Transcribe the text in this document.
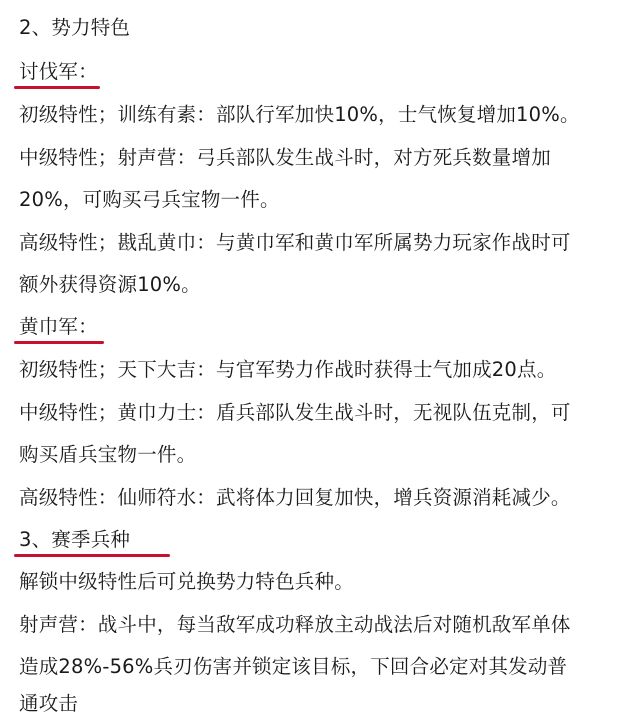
2、势力特色
讨伐军：
初级特性；训练有素：部队行军加快10%，士气恢复增加10%。
中级特性；射声营：弓兵部队发生战斗时，对方死兵数量增加
20%，可购买弓兵宝物一件。
高级特性；戡乱黄巾：与黄巾军和黄巾军所属势力玩家作战时可
额外获得资源10%。
黄巾军：
初级特性；天下大吉：与官军势力作战时获得士气加成20点。
中级特性；黄巾力士：盾兵部队发生战斗时，无视队伍克制，可
购买盾兵宝物一件。
高级特性：仙师符水：武将体力回复加快，增兵资源消耗减少。
3、赛季兵种
解锁中级特性后可兑换势力特色兵种。
射声营：战斗中，每当敌军成功释放主动战法后对随机敌军单体
造成28%-56%兵刃伤害并锁定该目标，下回合必定对其发动普
通攻击
